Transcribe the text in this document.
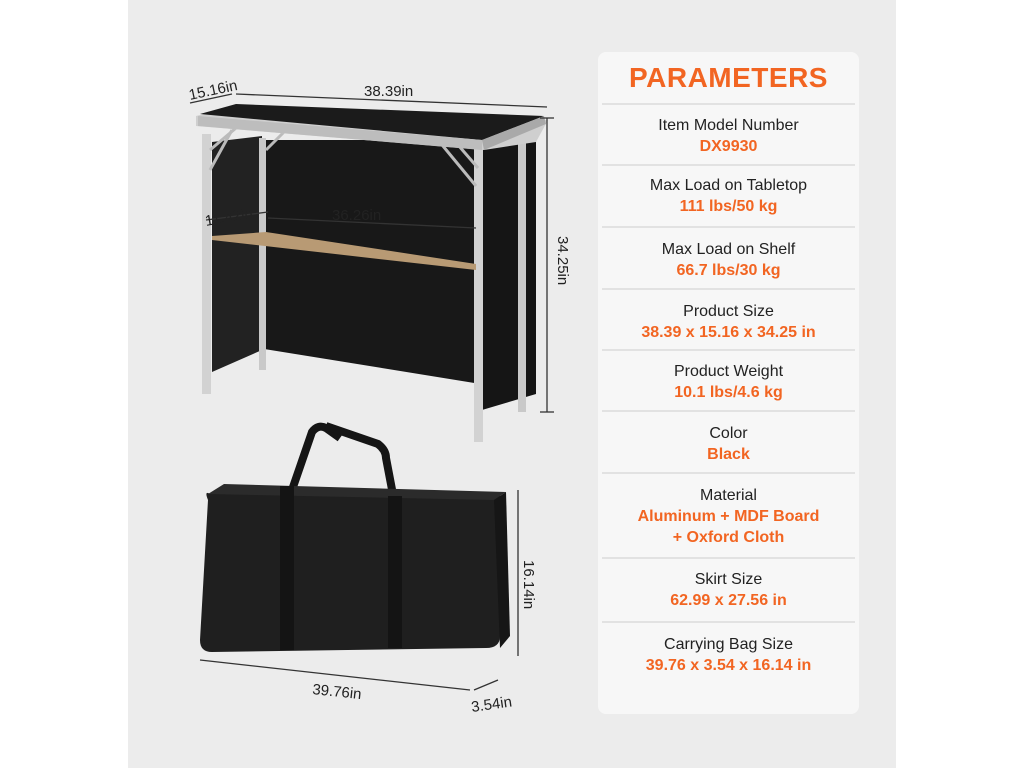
15.16in	38.39in
34.25in
11.42in	36.26in
16.14in
39.76in
3.54in
PARAMETERS
Item Model Number
DX9930
Max Load on Tabletop
111 lbs/50 kg
Max Load on Shelf
66.7 lbs/30 kg
Product Size
38.39 x 15.16 x 34.25 in
Product Weight
10.1 lbs/4.6 kg
Color
Black
Material
Aluminum + MDF Board
+ Oxford Cloth
Skirt Size
62.99 x 27.56 in
Carrying Bag Size
39.76 x 3.54 x 16.14 in
